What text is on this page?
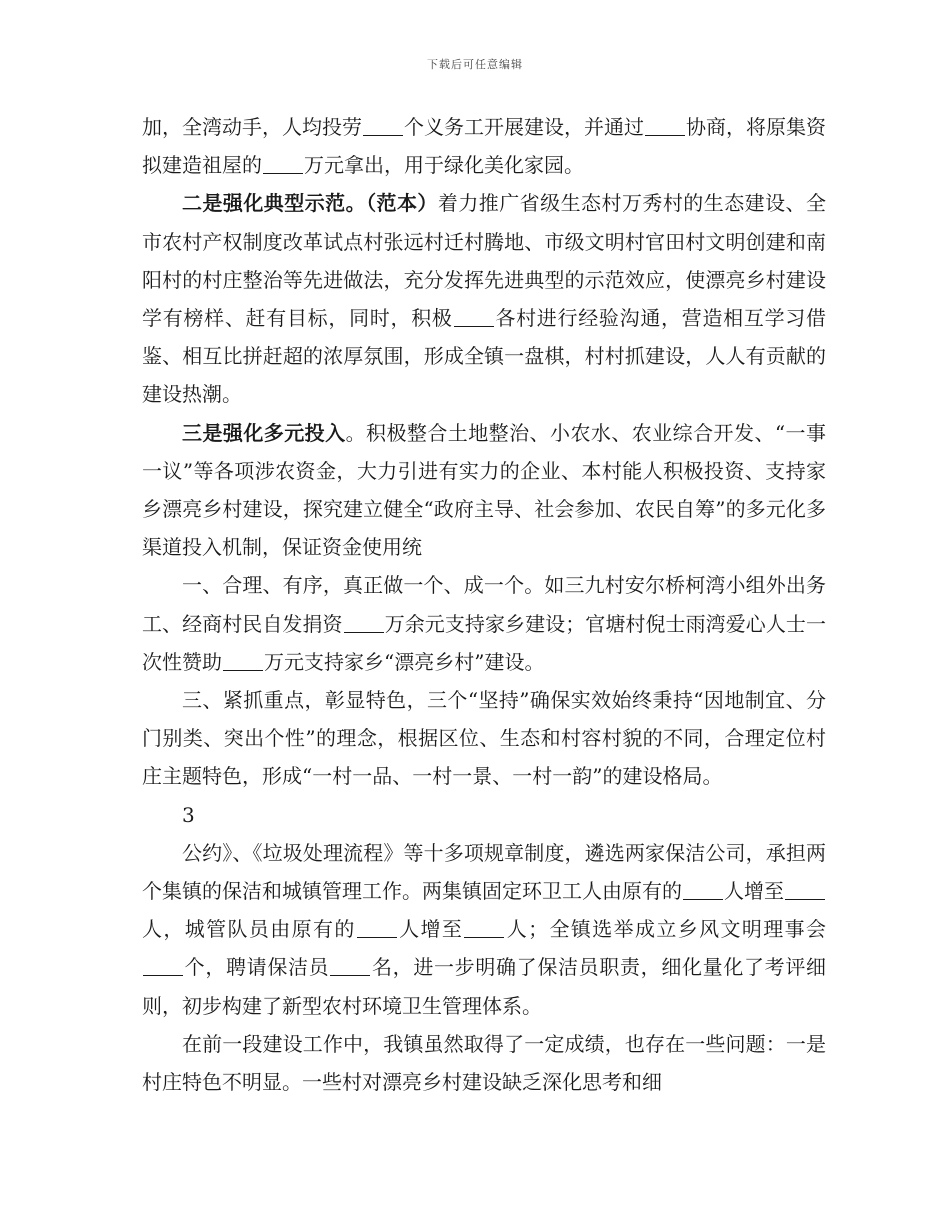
下载后可任意编辑

加，全湾动手，人均投劳 个义务工开展建设，并通过 协商，将原集资拟建造祖屋的 万元拿出，用于绿化美化家园。

二是强化典型示范。（范本）着力推广省级生态村万秀村的生态建设、全市农村产权制度改革试点村张远村迁村腾地、市级文明村官田村文明创建和南阳村的村庄整治等先进做法，充分发挥先进典型的示范效应，使漂亮乡村建设学有榜样、赶有目标，同时，积极 各村进行经验沟通，营造相互学习借鉴、相互比拼赶超的浓厚氛围，形成全镇一盘棋，村村抓建设，人人有贡献的建设热潮。

三是强化多元投入。积极整合土地整治、小农水、农业综合开发、“一事一议”等各项涉农资金，大力引进有实力的企业、本村能人积极投资、支持家乡漂亮乡村建设，探究建立健全“政府主导、社会参加、农民自筹”的多元化多渠道投入机制，保证资金使用统

一、合理、有序，真正做一个、成一个。如三九村安尔桥柯湾小组外出务工、经商村民自发捐资 万余元支持家乡建设；官塘村倪士雨湾爱心人士一次性赞助 万元支持家乡“漂亮乡村”建设。

三、紧抓重点，彰显特色，三个“坚持”确保实效始终秉持“因地制宜、分门别类、突出个性”的理念，根据区位、生态和村容村貌的不同，合理定位村庄主题特色，形成“一村一品、一村一景、一村一韵”的建设格局。

3

公约》、《垃圾处理流程》等十多项规章制度，遴选两家保洁公司，承担两个集镇的保洁和城镇管理工作。两集镇固定环卫工人由原有的 人增至人，城管队员由原有的 人增至 人；全镇选举成立乡风文明理事会个，聘请保洁员 名，进一步明确了保洁员职责，细化量化了考评细则，初步构建了新型农村环境卫生管理体系。

在前一段建设工作中，我镇虽然取得了一定成绩，也存在一些问题：一是村庄特色不明显。一些村对漂亮乡村建设缺乏深化思考和细
